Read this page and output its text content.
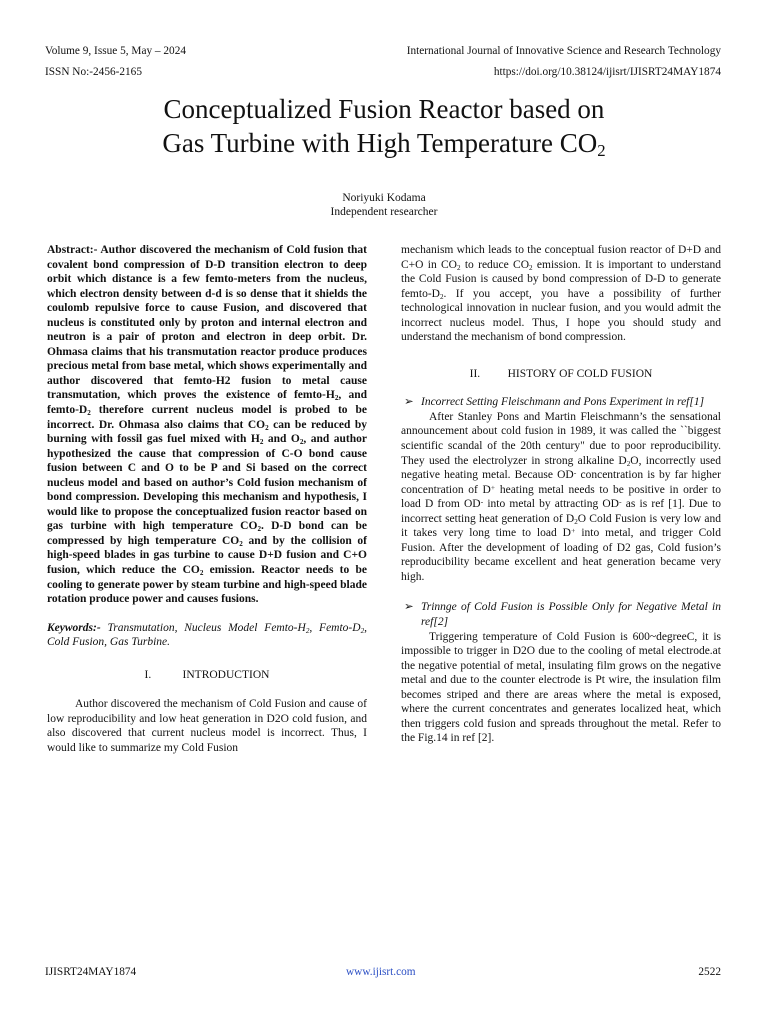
Volume 9, Issue 5, May – 2024	International Journal of Innovative Science and Research Technology
ISSN No:-2456-2165	https://doi.org/10.38124/ijisrt/IJISRT24MAY1874
Conceptualized Fusion Reactor based on
Gas Turbine with High Temperature $CO_2$
Noriyuki Kodama
Independent researcher

Abstract:- Author discovered the mechanism of Cold fusion that covalent bond compression of D-D transition electron to deep orbit which distance is a few femto-meters from the nucleus, which electron density between d-d is so dense that it shields the coulomb repulsive force to cause Fusion, and discovered that nucleus is constituted only by proton and internal electron and neutron is a pair of proton and electron in deep orbit. Dr. Ohmasa claims that his transmutation reactor produce produces precious metal from base metal, which shows experimentally and author discovered that femto-H2 fusion to metal cause transmutation, which proves the existence of femto-$H_2$, and femto-$D_2$ therefore current nucleus model is probed to be incorrect. Dr. Ohmasa also claims that $CO_2$ can be reduced by burning with fossil gas fuel mixed with $H_2$ and $O_2$, and author hypothesized the cause that compression of C-O bond cause fusion between C and O to be P and Si based on the correct nucleus model and based on author’s Cold fusion mechanism of bond compression. Developing this mechanism and hypothesis, I would like to propose the conceptualized fusion reactor based on gas turbine with high temperature $CO_2$. D-D bond can be compressed by high temperature $CO_2$ and by the collision of high-speed blades in gas turbine to cause D+D fusion and C+O fusion, which reduce the $CO_2$ emission. Reactor needs to be cooling to generate power by steam turbine and high-speed blade rotation produce power and causes fusions.

Keywords:- Transmutation, Nucleus Model Femto-$H_2$, Femto-$D_2$, Cold Fusion, Gas Turbine.

I.	INTRODUCTION

Author discovered the mechanism of Cold Fusion and cause of low reproducibility and low heat generation in D2O cold fusion, and also discovered that current nucleus model is incorrect. Thus, I would like to summarize my Cold Fusion

mechanism which leads to the conceptual fusion reactor of D+D and C+O in $CO_2$ to reduce $CO_2$ emission. It is important to understand the Cold Fusion is caused by bond compression of D-D to generate femto-$D_2$. If you accept, you have a possibility of further technological innovation in nuclear fusion, and you would admit the incorrect nucleus model. Thus, I hope you should study and understand the mechanism of bond compression.

II. HISTORY OF COLD FUSION

➢ Incorrect Setting Fleischmann and Pons Experiment in ref[1]

After Stanley Pons and Martin Fleischmann’s the sensational announcement about cold fusion in 1989, it was called the ``biggest scientific scandal of the 20th century" due to poor reproducibility. They used the electrolyzer in strong alkaline $D_2O$, incorrectly used negative heating metal. Because OD- concentration is by far higher concentration of D+ heating metal needs to be positive in order to load D from OD- into metal by attracting OD- as is ref [1]. Due to incorrect setting heat generation of $D_2O$ Cold Fusion is very low and it takes very long time to load D+ into metal, and trigger Cold Fusion. After the development of loading of D2 gas, Cold fusion’s reproducibility became excellent and heat generation became very high.

➢ Trinnge of Cold Fusion is Possible Only for Negative Metal in ref[2]

Triggering temperature of Cold Fusion is 600~degreeC, it is impossible to trigger in D2O due to the cooling of metal electrode.at the negative potential of metal, insulating film grows on the negative metal and due to the counter electrode is Pt wire, the insulation film becomes striped and there are areas where the metal is exposed, where the current concentrates and generates localized heat, which then triggers cold fusion and spreads throughout the metal. Refer to the Fig.14 in ref [2].

IJISRT24MAY1874	www.ijisrt.com	2522
